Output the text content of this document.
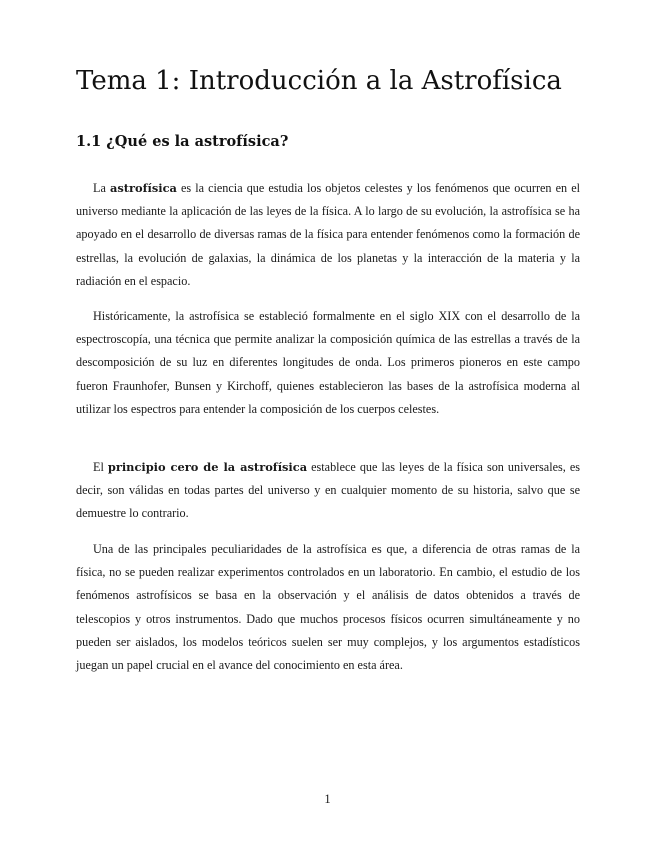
Tema 1: Introducción a la Astrofísica
1.1 ¿Qué es la astrofísica?

La astrofísica es la ciencia que estudia los objetos celestes y los fenómenos que ocurren en el universo mediante la aplicación de las leyes de la física. A lo largo de su evolución, la astrofísica se ha apoyado en el desarrollo de diversas ramas de la física para entender fenómenos como la formación de estrellas, la evolución de galaxias, la dinámica de los planetas y la interacción de la materia y la radiación en el espacio.

Históricamente, la astrofísica se estableció formalmente en el siglo XIX con el desarrollo de la espectroscopía, una técnica que permite analizar la composición química de las estrellas a través de la descomposición de su luz en diferentes longitudes de onda. Los primeros pioneros en este campo fueron Fraunhofer, Bunsen y Kirchoff, quienes establecieron las bases de la astrofísica moderna al utilizar los espectros para entender la composición de los cuerpos celestes.

El principio cero de la astrofísica establece que las leyes de la física son universales, es decir, son válidas en todas partes del universo y en cualquier momento de su historia, salvo que se demuestre lo contrario.

Una de las principales peculiaridades de la astrofísica es que, a diferencia de otras ramas de la física, no se pueden realizar experimentos controlados en un laboratorio. En cambio, el estudio de los fenómenos astrofísicos se basa en la observación y el análisis de datos obtenidos a través de telescopios y otros instrumentos. Dado que muchos procesos físicos ocurren simultáneamente y no pueden ser aislados, los modelos teóricos suelen ser muy complejos, y los argumentos estadísticos juegan un papel crucial en el avance del conocimiento en esta área.

1
